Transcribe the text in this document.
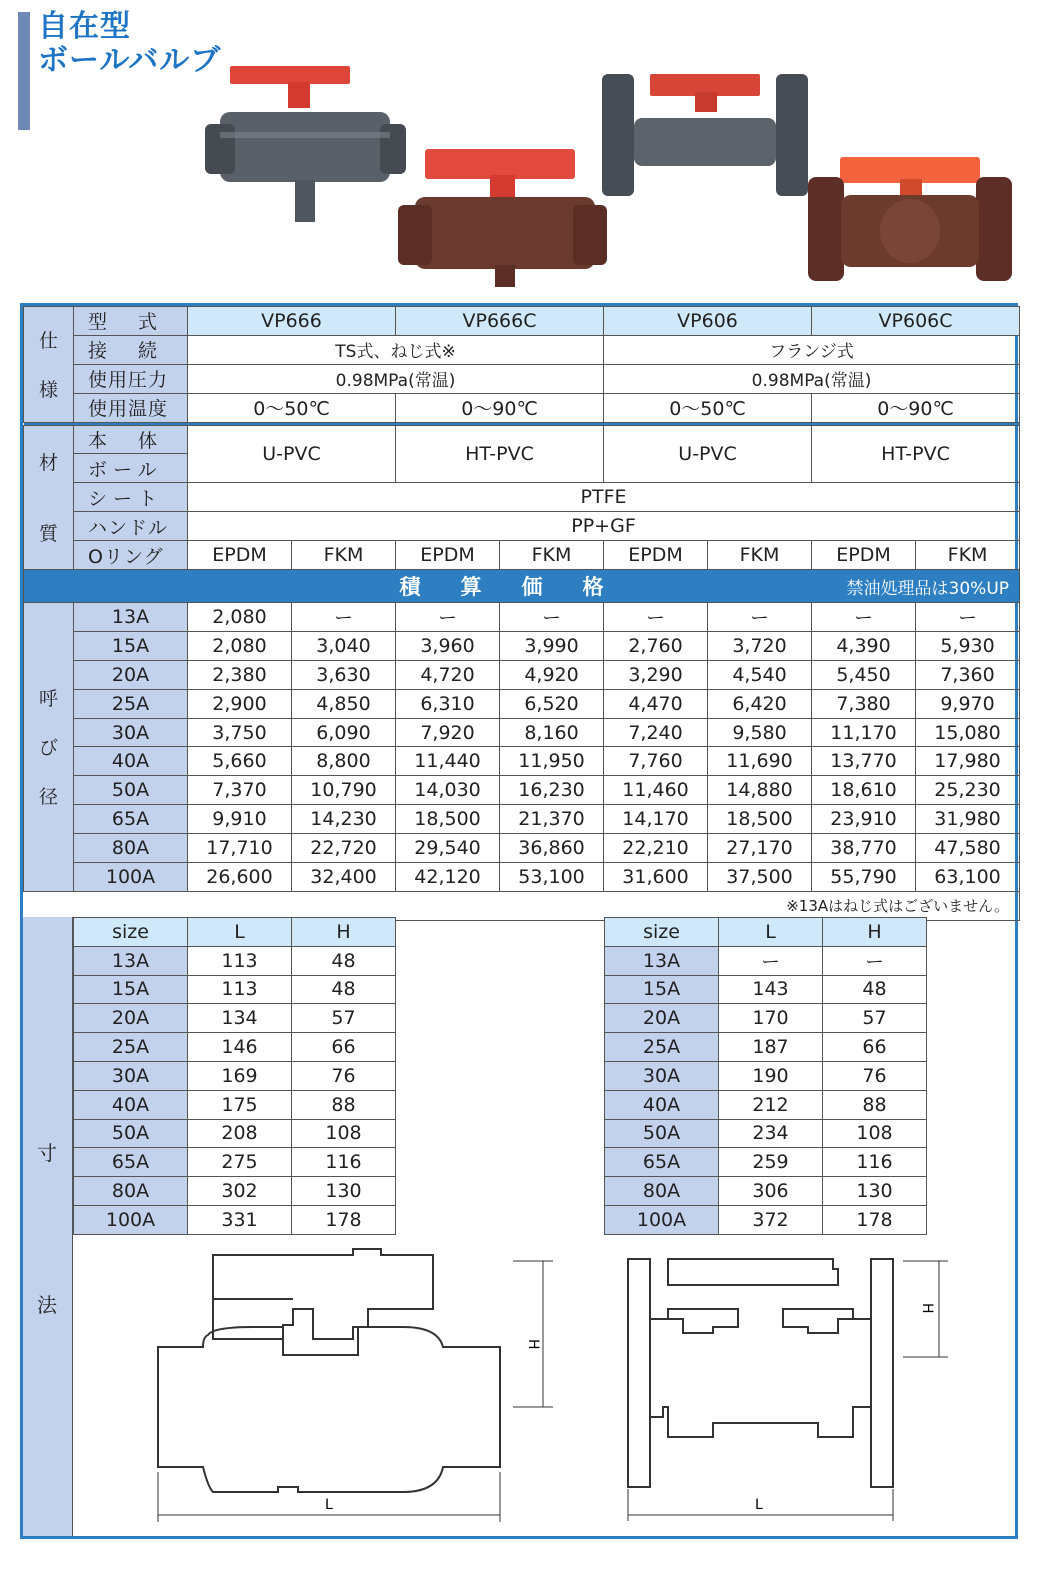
自在型
ボールバルブ
仕

様	型　式	VP666		VP666C		VP606		VP606C	
	接　続	TS式、ねじ式※				フランジ式			
	使用圧力	0.98MPa(常温)				0.98MPa(常温)			
	使用温度	0～50℃		0～90℃		0～50℃		0～90℃	

材

質	本　体	U-PVC		HT-PVC		U-PVC		HT-PVC	
	ボール								
	シート	PTFE							
	ハンドル	PP+GF							
	Oリング	EPDM	FKM	EPDM	FKM	EPDM	FKM	EPDM	FKM
積算価格 禁油処理品は30%UP									

呼

び

径	13A	2,080	ー	ー	ー	ー	ー	ー	ー
	15A	2,080	3,040	3,960	3,990	2,760	3,720	4,390	5,930
	20A	2,380	3,630	4,720	4,920	3,290	4,540	5,450	7,360
	25A	2,900	4,850	6,310	6,520	4,470	6,420	7,380	9,970
	30A	3,750	6,090	7,920	8,160	7,240	9,580	11,170	15,080
	40A	5,660	8,800	11,440	11,950	7,760	11,690	13,770	17,980
	50A	7,370	10,790	14,030	16,230	11,460	14,880	18,610	25,230
	65A	9,910	14,230	18,500	21,370	14,170	18,500	23,910	31,980
	80A	17,710	22,720	29,540	36,860	22,210	27,170	38,770	47,580
	100A	26,600	32,400	42,120	53,100	31,600	37,500	55,790	63,100
※13Aはねじ式はございません。									
寸
法
size	L	H
13A	113	48
15A	113	48
20A	134	57
25A	146	66
30A	169	76
40A	175	88
50A	208	108
65A	275	116
80A	302	130
100A	331	178
size	L	H
13A	ー	ー
15A	143	48
20A	170	57
25A	187	66
30A	190	76
40A	212	88
50A	234	108
65A	259	116
80A	306	130
100A	372	178
H
L
H
L
